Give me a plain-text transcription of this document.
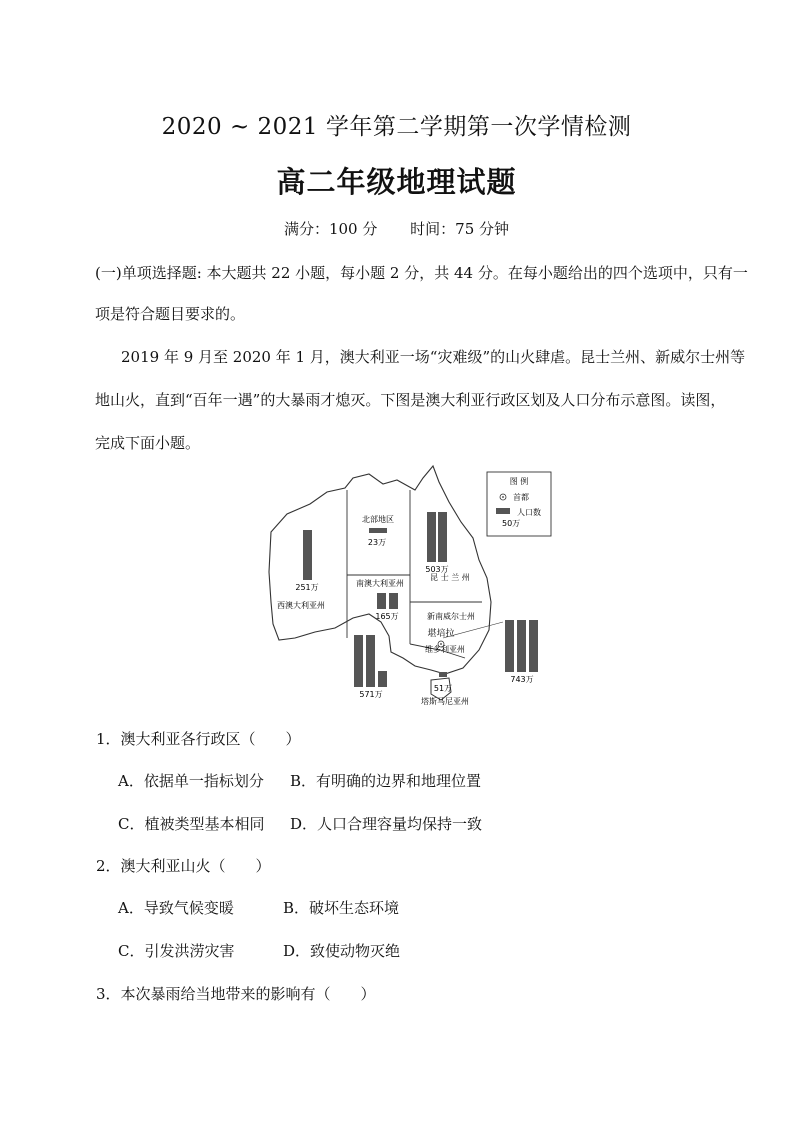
2020 ~ 2021 学年第二学期第一次学情检测
高二年级地理试题
满分：100 分 时间：75 分钟
(一)单项选择题: 本大题共 22 小题，每小题 2 分，共 44 分。在每小题给出的四个选项中，只有一
项是符合题目要求的。
2019 年 9 月至 2020 年 1 月，澳大利亚一场“灾难级”的山火肆虐。昆士兰州、新威尔士州等
地山火，直到“百年一遇”的大暴雨才熄灭。下图是澳大利亚行政区划及人口分布示意图。读图，
完成下面小题。
图 例
首都
人口数
50万
北部地区
西澳大利亚州
南澳大利亚州
昆 士 兰 州
新南威尔士州
维多利亚州
塔斯马尼亚州
堪培拉
23万
251万
165万
503万
743万
571万
51万
1．澳大利亚各行政区（　　）
A．依据单一指标划分 B．有明确的边界和地理位置
C．植被类型基本相同 D．人口合理容量均保持一致
2．澳大利亚山火（　　）
A．导致气候变暖	B．破坏生态环境
C．引发洪涝灾害	D．致使动物灭绝
3．本次暴雨给当地带来的影响有（　　）
